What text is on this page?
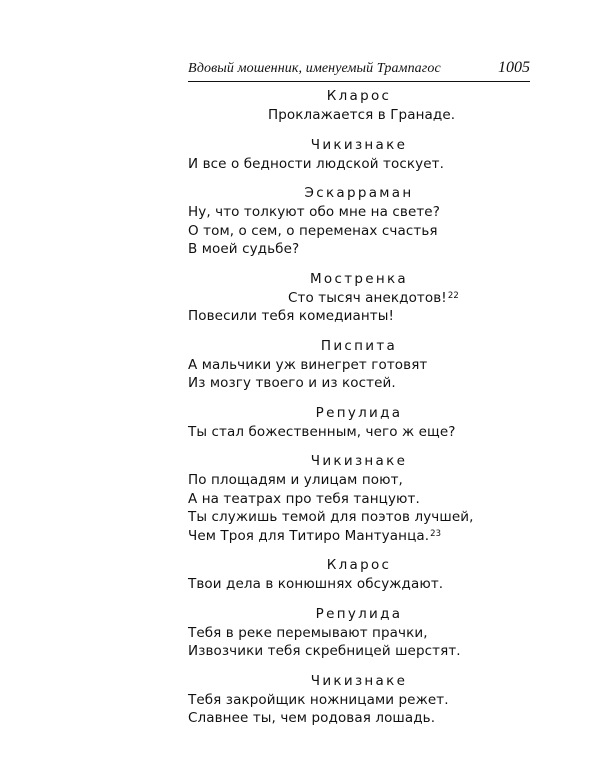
Вдовый мошенник, именуемый Трампагос	1005
Кларос
Проклажается в Гранаде.
Чикизнаке
И все о бедности людской тоскует.
Эскарраман
Ну, что толкуют обо мне на свете?
О том, о сем, о переменах счастья
В моей судьбе?
Мостренка
Сто тысяч анекдотов!$^{22}$
Повесили тебя комедианты!
Писпита
А мальчики уж винегрет готовят
Из мозгу твоего и из костей.
Репулида
Ты стал божественным, чего ж еще?
Чикизнаке
По площадям и улицам поют,
А на театрах про тебя танцуют.
Ты служишь темой для поэтов лучшей,
Чем Троя для Титиро Мантуанца.$^{23}$
Кларос
Твои дела в конюшнях обсуждают.
Репулида
Тебя в реке перемывают прачки,
Извозчики тебя скребницей шерстят.
Чикизнаке
Тебя закройщик ножницами режет.
Славнее ты, чем родовая лошадь.
